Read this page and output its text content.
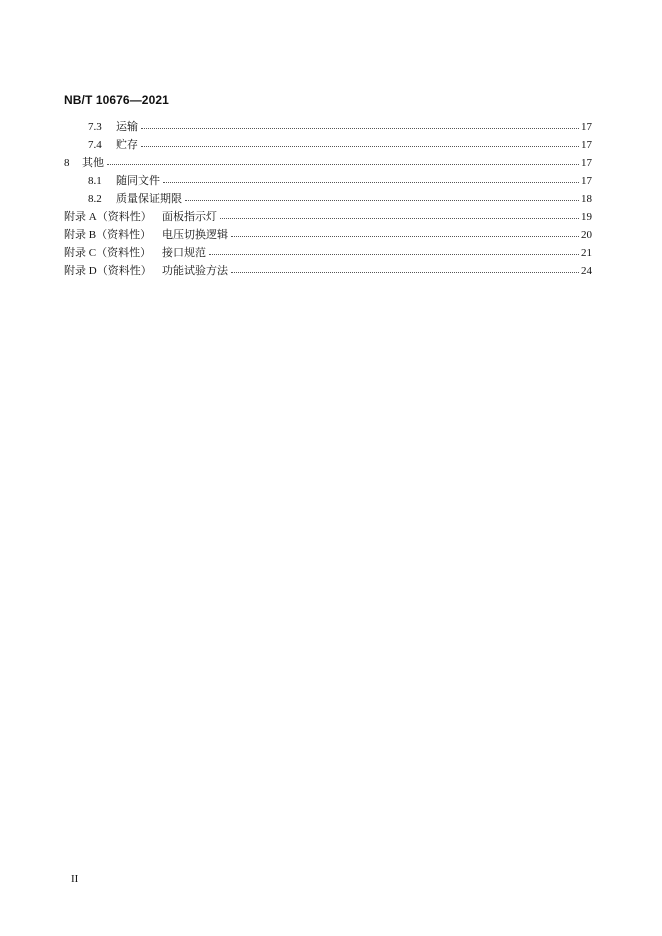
NB/T 10676—2021
7.3	运输	17
7.4	贮存	17
8	其他	17
8.1	随同文件	17
8.2	质量保证期限	18
附录 A（资料性） 面板指示灯	19
附录 B（资料性） 电压切换逻辑	20
附录 C（资料性） 接口规范	21
附录 D（资料性） 功能试验方法	24
II
